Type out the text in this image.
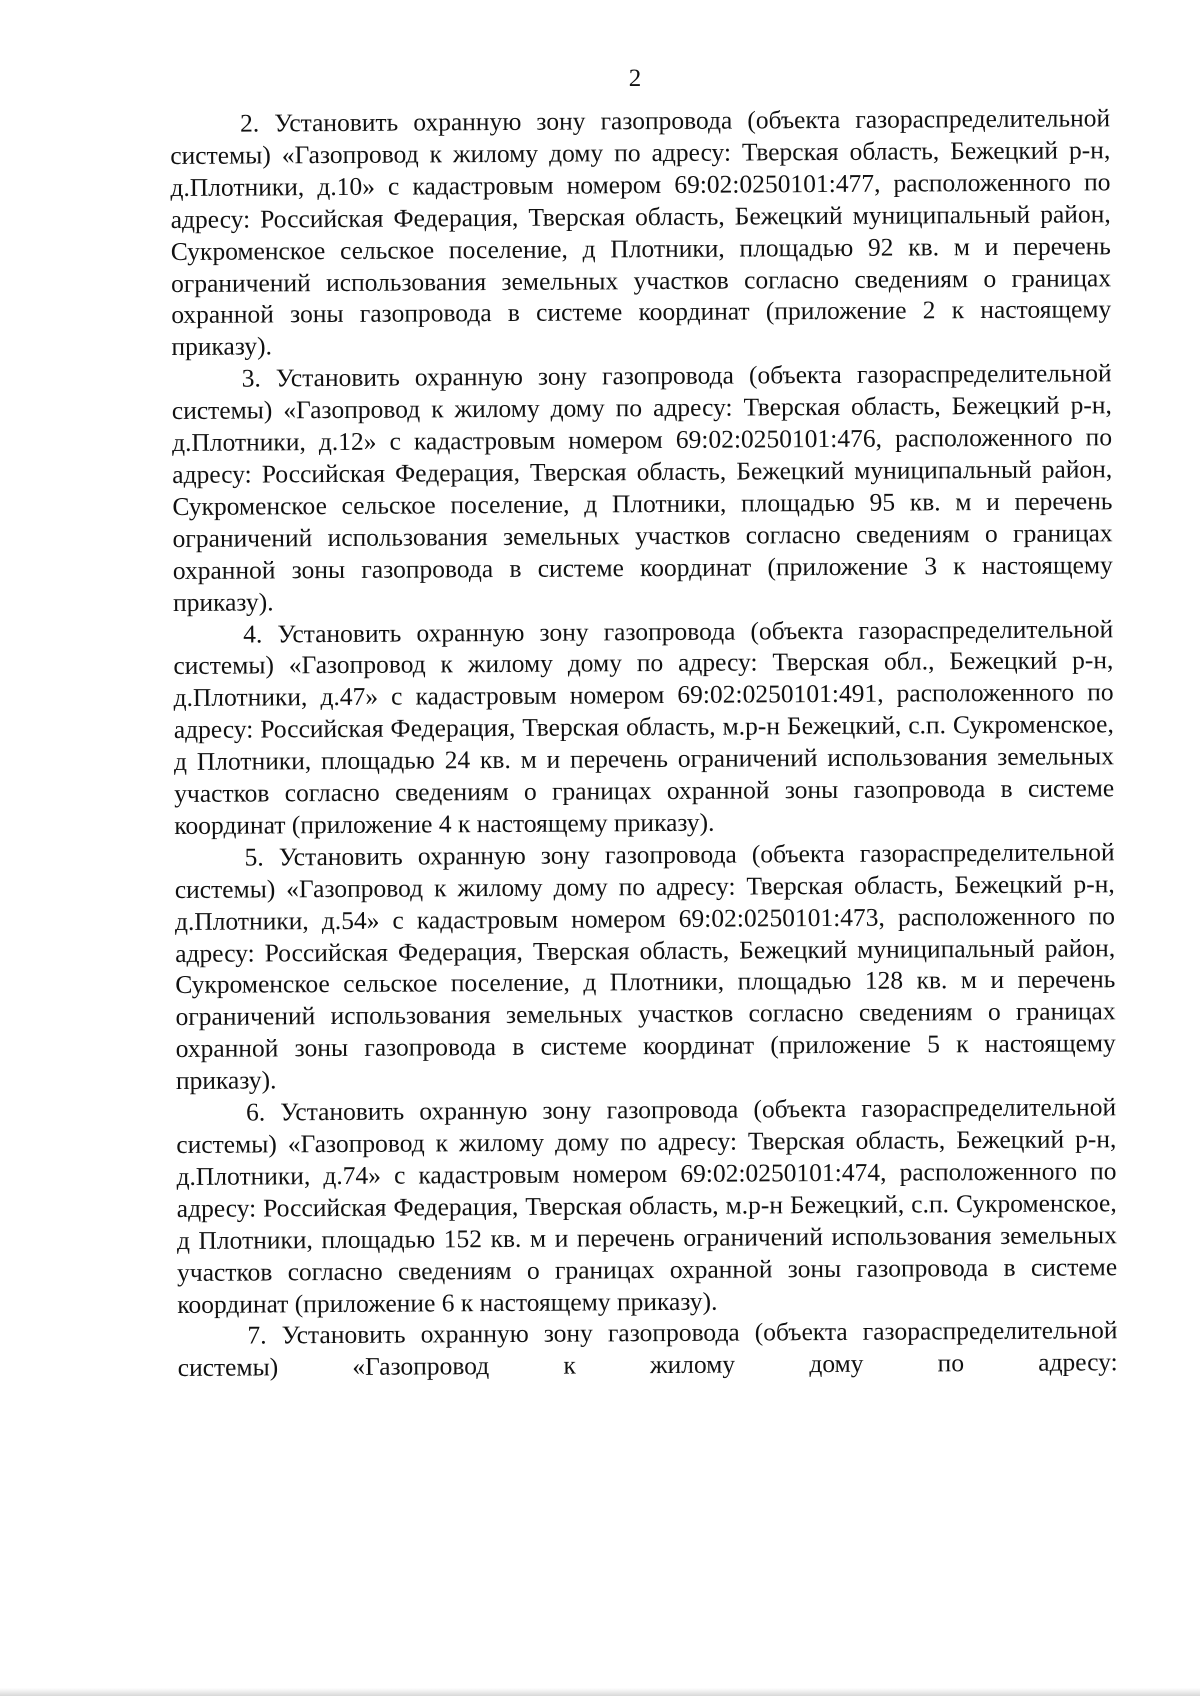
2

2. Установить охранную зону газопровода (объекта газораспределительной системы) «Газопровод к жилому дому по адресу: Тверская область, Бежецкий р-н, д.Плотники, д.10» с кадастровым номером 69:02:0250101:477, расположенного по адресу: Российская Федерация, Тверская область, Бежецкий муниципальный район, Сукроменское сельское поселение, д Плотники, площадью 92 кв. м и перечень ограничений использования земельных участков согласно сведениям о границах охранной зоны газопровода в системе координат (приложение 2 к настоящему приказу).

3. Установить охранную зону газопровода (объекта газораспределительной системы) «Газопровод к жилому дому по адресу: Тверская область, Бежецкий р-н, д.Плотники, д.12» с кадастровым номером 69:02:0250101:476, расположенного по адресу: Российская Федерация, Тверская область, Бежецкий муниципальный район, Сукроменское сельское поселение, д Плотники, площадью 95 кв. м и перечень ограничений использования земельных участков согласно сведениям о границах охранной зоны газопровода в системе координат (приложение 3 к настоящему приказу).

4. Установить охранную зону газопровода (объекта газораспределительной системы) «Газопровод к жилому дому по адресу: Тверская обл., Бежецкий р-н, д.Плотники, д.47» с кадастровым номером 69:02:0250101:491, расположенного по адресу: Российская Федерация, Тверская область, м.р-н Бежецкий, с.п. Сукроменское, д Плотники, площадью 24 кв. м и перечень ограничений использования земельных участков согласно сведениям о границах охранной зоны газопровода в системе координат (приложение 4 к настоящему приказу).

5. Установить охранную зону газопровода (объекта газораспределительной системы) «Газопровод к жилому дому по адресу: Тверская область, Бежецкий р-н, д.Плотники, д.54» с кадастровым номером 69:02:0250101:473, расположенного по адресу: Российская Федерация, Тверская область, Бежецкий муниципальный район, Сукроменское сельское поселение, д Плотники, площадью 128 кв. м и перечень ограничений использования земельных участков согласно сведениям о границах охранной зоны газопровода в системе координат (приложение 5 к настоящему приказу).

6. Установить охранную зону газопровода (объекта газораспределительной системы) «Газопровод к жилому дому по адресу: Тверская область, Бежецкий р-н, д.Плотники, д.74» с кадастровым номером 69:02:0250101:474, расположенного по адресу: Российская Федерация, Тверская область, м.р-н Бежецкий, с.п. Сукроменское, д Плотники, площадью 152 кв. м и перечень ограничений использования земельных участков согласно сведениям о границах охранной зоны газопровода в системе координат (приложение 6 к настоящему приказу).

7. Установить охранную зону газопровода (объекта газораспределительной системы) «Газопровод к жилому дому по адресу:
